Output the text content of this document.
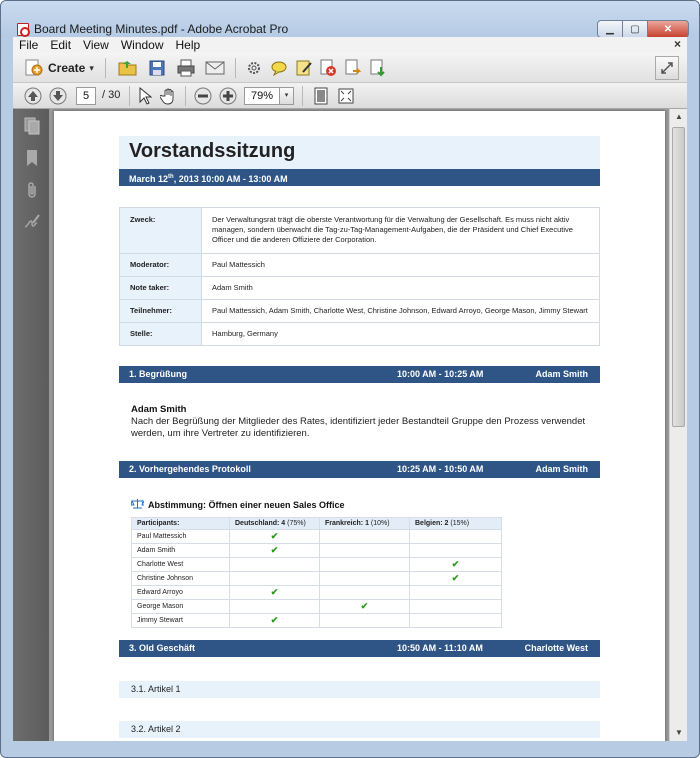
Board Meeting Minutes.pdf - Adobe Acrobat Pro	▁	▢	✕
File	Edit	View	Window	Help	×
Create ▾
5	/ 30	79%	▾
Vorstandssitzung
March 12th, 2013 10:00 AM - 13:00 AM
Zweck:	Der Verwaltungsrat trägt die oberste Verantwortung für die Verwaltung der Gesellschaft. Es muss nicht aktiv managen, sondern überwacht die Tag-zu-Tag-Management-Aufgaben, die der Präsident und Chief Executive Officer und die anderen Offiziere der Corporation.
Moderator:	Paul Mattessich
Note taker:	Adam Smith
Teilnehmer:	Paul Mattessich, Adam Smith, Charlotte West, Christine Johnson, Edward Arroyo, George Mason, Jimmy Stewart
Stelle:	Hamburg, Germany
1. Begrüßung	10:00 AM - 10:25 AM	Adam Smith
Adam Smith
Nach der Begrüßung der Mitglieder des Rates, identifiziert jeder Bestandteil Gruppe den Prozess verwendet werden, um ihre Vertreter zu identifizieren.
2. Vorhergehendes Protokoll	10:25 AM - 10:50 AM	Adam Smith
Abstimmung: Öffnen einer neuen Sales Office
Participants:	Deutschland: 4 (75%)	Frankreich: 1 (10%)	Belgien: 2 (15%)
Paul Mattessich	✔		
Adam Smith	✔		
Charlotte West			✔
Christine Johnson			✔
Edward Arroyo	✔		
George Mason		✔	
Jimmy Stewart	✔		
3. Old Geschäft	10:50 AM - 11:10 AM	Charlotte West
3.1. Artikel 1
3.2. Artikel 2
▲
▼
